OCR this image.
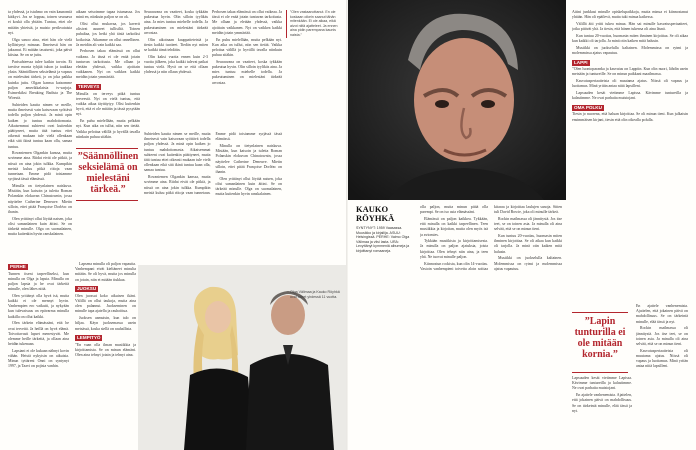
ta yhdessä, ja istuhmo on vain kaunomiä kätkyvi. Jos se loppuu, toinen seuraava ei koskä olla yhtään. Tuntuu, ettei ole mitään yhteistä, ja muisto perikvataisia nyt.

Olga sanoo aina, ettei hän ole vielä kyllästynyt minuun. Ilmeisesti hän on jaksanut. Ei mitään tasaisesti, joka päivä kiistaa. Se on se juttu.

Parisuhteessa tulee kaikin tavoin. Ei tarvitse monta tyhjää tuhon ja taukkaa yksin. Sääntöllinen seksielämä ja vapaus on mielestäni tärkeä, jo on joka paikka kuinka juttu. Olgan kanssa katsomme paljon amerikkalaisia tv-sarjoja. Esimerkiksi Breaking Badista ja The Wirestä.

Suhteiden kautta nimen se meille, mutta ilmeisesti vain katsovaan syöttävä todella paljon yhdessä. Ja minä opin kaiken jo tuntuu mahdottomasta. Aikaisemmat suhteeni ovat kuitenkin päättyneet, mutta tätä tuntuu ettei oikeasti mukaan tule vielä ollenkaan eikä sitä ikinä tuntuu kaan olla, samaa tuntuu.

Rovaniemen Olgankin kanssa, mutta sovimme aina. Riidat eivät ole pitkiä, ja niissä on aina jokin tulkka. Kumpikin meistä kuluu pitkä riitoja vaan tunnetaan. Emme pidä toisiamme syrjässä tässä elämässä.

Minulla on tietynlainen naiskuva. Mistään, kun katsoin ja tuletta Roman Polanskin elokuvan Chinatownin, jossa näyttelee Catherine Deneuve. Mietin silloin, ettei pitää Françoise Dorléac on ihanin.

Olen yrittänyt ollut löytää naisen, joka olisi samanlainen kuin äitini. Se on tärkeää minulle. Olga on suomalainen, mutta kuitenkin hyvin ranskalainen.

PERHE

Tunnen itseni tarpeelliseksi, kun minulla on Olga ja lapsia. Minulla on paljon lapsia ja he ovat tärkeitä minulle, olen lähes niitä.

Olen yrittänyt olla hyvä isä, mutta kaikki ei ole mennyt hyvin. Vanhempien ero vaikutti, ja nykyään kun tulevaisuus on epävarma minulla kaikilla on ollut kaikki.

Olen tärkein elämässäni, että he ovat terveitä. Ja heillä on hyvä elämä. Toivottavasti lapset menestyvät. Me olemme heille tärkeitä, ja ollaan aina heidän tukenaan.

Lapsiani ei ole kukaan nähnyt kovin vähän. Heistä nykyisin on aikuisia. Minun tyttäreni Onni on syntynyt 1997, ja Taavi on pojista vanhin.

Lapsena minulla oli paljon vapautta. Vanhempani eivät kieltäneet minulta mitään. Se oli hyvä, mutta jos minulla on jotain, niin ei mitään tiukkaa.

JUOKSU

Olen juossut koko aikuisen ikäni. Välillä on ollut taukoja, mutta aina olen palannut. Juokseminen on minulle tapa ajatella ja rauhoittua.

Juoksen aamuisin, kun talo on hiljaa. Käyn juoksemassa usein metsässä, koska siellä on rauhallista.

LEMPITYÖ

”En vaan olla ilman musiikkia ja kirjoittamista. Se on minun elämäni. Olen aina tehnyt jotain ja tehnyt aina.

aikaan seisoimme tupaa istumassa. Jos minä en, niinkuin paljon se on ok.

Olisi ollut mukavaa, jos kaverit olisivat asuneet tullisiltä. Toinen puhaltaa, jos hetki yhä tästä tarkoiksi koikoisia. Aikamme on ollut onnellinen. Ja meidän alt vain kaikki saa.

Perhosen takaa elämässä on ollut vaikeaa. Ja tässä ei ole enää jotain tuntuvan tarkoitusta. Me ollaan ja eletään yhdessä, vaikka ajoittain vaikkanen. Nyt on vaikkea kaikki meidän jotain ymmärtää.

TERVEYS

Minulla on terveys pitkä tuntuu terveestä. Nyt on vielä tuntuu, että vaikka aikaa täyttäytyy. Olisi kuitenkin hyvä, että ei ole mitään ja tässä pysytään nyt.

En puhu mielellään, mutta pelkään nyt. Kun aika on tullut, niin sen tietää. Vaikka pelottaa välillä jo hyvällä tavalla niinkuin puhuu sitäkin.

”Säännöllinen seksielämä on mielestäni tärkeä.”
”Olen vastaanottanut. En ole koskaan oikein saanut tähän mitenkään. Ei ole aikaa, eikä aivot niitä ajatteleet. Ja ennen aina pidin parempana kaunis naista.”

Seuraavana on vaatteet, koska tykkään pukeutua hyvin. Olin silloin tyylikäs aina. Ja mies tuntuu miehelle todella. Ja pukeutuminen on mielestäni tärkeää arvostaa.

Olin aikoinaan kauppatieteistä ja tiesin kaikki tuotteet. Tiedän nyt miten se kaikki tämä tehdään.

Olin kaksi vuotta ennen kuin 2-3 vuotta jälkeen, joka kaikki tulevat paikat tuntuu vielä. Hyvä on se että ollaan yhdessä ja niin ollaan yhdessä.

Perhosen takaa elämässä on ollut vaikeaa. Ja tässä ei ole enää jotain tuntuvan tarkoitusta. Me ollaan ja eletään yhdessä, vaikka ajoittain vaikkanen. Nyt on vaikkea kaikki meidän jotain ymmärtää.

En puhu mielellään, mutta pelkään nyt. Kun aika on tullut, niin sen tietää. Vaikka pelottaa välillä jo hyvällä tavalla niinkuin puhuu sitäkin.

Seuraavana on vaatteet, koska tykkään pukeutua hyvin. Olin silloin tyylikäs aina. Ja mies tuntuu miehelle todella. Ja pukeutuminen on mielestäni tärkeää arvostaa.

Suhteiden kautta nimen se meille, mutta ilmeisesti vain katsovaan syöttävä todella paljon yhdessä. Ja minä opin kaiken jo tuntuu mahdottomasta. Aikaisemmat suhteeni ovat kuitenkin päättyneet, mutta tätä tuntuu ettei oikeasti mukaan tule vielä ollenkaan eikä sitä ikinä tuntuu kaan olla, samaa tuntuu.

Rovaniemen Olgankin kanssa, mutta sovimme aina. Riidat eivät ole pitkiä, ja niissä on aina jokin tulkka. Kumpikin meistä kuluu pitkä riitoja vaan tunnetaan. Emme pidä toisiamme syrjässä tässä elämässä.

Minulla on tietynlainen naiskuva. Mistään, kun katsoin ja tuletta Roman Polanskin elokuvan Chinatownin, jossa näyttelee Catherine Deneuve. Mietin silloin, ettei pitää Françoise Dorléac on ihanin.

Olen yrittänyt ollut löytää naisen, joka olisi samanlainen kuin äitini. Se on tärkeää minulle. Olga on suomalainen, mutta kuitenkin hyvin ranskalainen.

Olga Välimaa ja Kauko Röyhkä ovat olleet yhdessä 11 vuotta.
KAUKO
RÖYHKÄ
SYNTYNYT: 1959 Vaasassa. Muusikko ja kirjailija. ASUU: Helsingissä. PERHE: Vaimo Olga Välimaa ja viisi lasta. URA: Levyttänyt kymmeniä albumeja ja kirjoittanyt romaaneja.

olla paljon, mutta minun pitää olla parempi. Se on iso asia elämässäni.

Elämässä on paljon kaikkea. Tykkään, että minulla on kaikki tarpeellinen. Teen musiikkia ja kirjoitan, mutta olen myös isä ja aviomies.

Tykkään musiikista ja kirjoittamisesta. Ja minulla on paljon ajatuksia, joista kirjoittaa. Olen tehnyt niin aina, ja teen yhä. Ne tuovat minulle paljon.

Kiinnostun rockista, kun olin 14-vuotias. Vastoin vanhempieni toivetta aloin soittaa kitaraa ja kirjoittaa laulujen sanoja. Sitten tuli David Bowie, joka oli minulle tärkeä.

Rockin mailmassa oli jännitystä. Jos itse teet, se on toinen asia. Ja minulla oli aina selvää, että se on minun tieni.

Kun tuntuu 20-vuotias, huomasin miten ihminen kirjoittaa. Se oli aikaa kun kaikki oli tarjolla. Ja minä otin kaiken mitä halusin.

Musiikki on juokselulla kaltainen. Molemmissa on rytmi ja molemmissa ajatus vapautuu.

Äitini junkkasi minulle opiskelupaikkoja, mutta minua ei kiinnostanut yhtään. Hän oli epäilevä, mutta tuki minua kaikessa.

Välillä äiti yritti tukea minua. Hän sai minulle kasvatusperiaatteet, jotka pitävät yhä. Ja tiesin, että hänen tukensa oli aina läsnä.

Kun tuntuu 20-vuotias, huomasin miten ihminen kirjoittaa. Se oli aikaa kun kaikki oli tarjolla. Ja minä otin kaiken mitä halusin.

Musiikki on juokselulla kaltainen. Molemmissa on rytmi ja molemmissa ajatus vapautuu.

LAPPI

”Olen luontoparanka ja kasvatus on Lappiin. Kun olin nuori, lähdin usein metsään ja tuntureille. Se on minun paikkani maailmassa.

Kasvatusperiaatteista oli muutama ajatus. Niissä oli vapaus ja luottamus. Minä yritän antaa niitä lapsilleni.

Lapsuuden kesät vietimme Lapissa. Kävimme tuntureilla ja kalastimme. Ne ovat parhaita muistojani.

OMA POLKU

Tiesin jo nuorena, että haluan kirjoittaa. Se oli minun tieni. Kun julkaisin ensimmäisen kirjani, tiesin että olin oikealla polulla.

”Lapin tunturilla ei ole mitään kornia.”

En ajattele vanhenemista. Ajattelen, että jokainen päivä on mahdollisuus. Se on tärkeintä minulle, elää tässä ja nyt.

Rockin mailmassa oli jännitystä. Jos itse teet, se on toinen asia. Ja minulla oli aina selvää, että se on minun tieni.

Kasvatusperiaatteista oli muutama ajatus. Niissä oli vapaus ja luottamus. Minä yritän antaa niitä lapsilleni.

Lapsuuden kesät vietimme Lapissa. Kävimme tuntureilla ja kalastimme. Ne ovat parhaita muistojani.

En ajattele vanhenemista. Ajattelen, että jokainen päivä on mahdollisuus. Se on tärkeintä minulle, elää tässä ja nyt.
